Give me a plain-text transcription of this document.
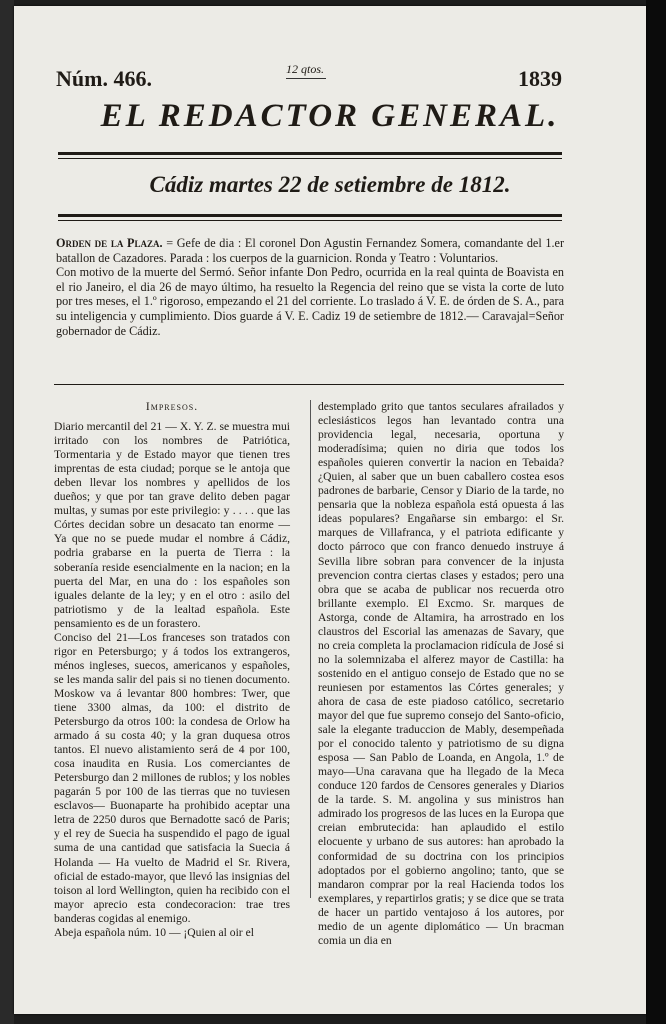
Núm. 466.	12 qtos.	1839
EL REDACTOR GENERAL.
Cádiz martes 22 de setiembre de 1812.

Orden de la Plaza. = Gefe de dia : El coronel Don Agustin Fernandez Somera, comandante del 1.er batallon de Cazadores. Parada : los cuerpos de la guarnicion. Ronda y Teatro : Voluntarios.

Con motivo de la muerte del Sermó. Señor infante Don Pedro, ocurrida en la real quinta de Boavista en el rio Janeiro, el dia 26 de mayo último, ha resuelto la Regencia del reino que se vista la corte de luto por tres meses, el 1.º rigoroso, empezando el 21 del corriente. Lo traslado á V. E. de órden de S. A., para su inteligencia y cumplimiento. Dios guarde á V. E. Cadiz 19 de setiembre de 1812.— Caravajal=Señor gobernador de Cádiz.

Impresos.

Diario mercantil del 21 — X. Y. Z. se muestra mui irritado con los nombres de Patriótica, Tormentaria y de Estado mayor que tienen tres imprentas de esta ciudad; porque se le antoja que deben llevar los nombres y apellidos de los dueños; y que por tan grave delito deben pagar multas, y sumas por este privilegio: y . . . . que las Córtes decidan sobre un desacato tan enorme — Ya que no se puede mudar el nombre á Cádiz, podria grabarse en la puerta de Tierra : la soberanía reside esencialmente en la nacion; en la puerta del Mar, en una do : los españoles son iguales delante de la ley; y en el otro : asilo del patriotismo y de la lealtad española. Este pensamiento es de un forastero.

Conciso del 21—Los franceses son tratados con rigor en Petersburgo; y á todos los extrangeros, ménos ingleses, suecos, americanos y españoles, se les manda salir del pais si no tienen documento. Moskow va á levantar 800 hombres: Twer, que tiene 3300 almas, da 100: el distrito de Petersburgo da otros 100: la condesa de Orlow ha armado á su costa 40; y la gran duquesa otros tantos. El nuevo alistamiento será de 4 por 100, cosa inaudita en Rusia. Los comerciantes de Petersburgo dan 2 millones de rublos; y los nobles pagarán 5 por 100 de las tierras que no tuviesen esclavos— Buonaparte ha prohibido aceptar una letra de 2250 duros que Bernadotte sacó de Paris; y el rey de Suecia ha suspendido el pago de igual suma de una cantidad que satisfacia la Suecia á Holanda — Ha vuelto de Madrid el Sr. Rivera, oficial de estado-mayor, que llevó las insignias del toison al lord Wellington, quien ha recibido con el mayor aprecio esta condecoracion: trae tres banderas cogidas al enemigo.

Abeja española núm. 10 — ¡Quien al oir el

destemplado grito que tantos seculares afrailados y eclesiásticos legos han levantado contra una providencia legal, necesaria, oportuna y moderadísima; quien no diria que todos los españoles quieren convertir la nacion en Tebaida? ¿Quien, al saber que un buen caballero costea esos padrones de barbarie, Censor y Diario de la tarde, no pensaria que la nobleza española está opuesta á las ideas populares? Engañarse sin embargo: el Sr. marques de Villafranca, y el patriota edificante y docto párroco que con franco denuedo instruye á Sevilla libre sobran para convencer de la injusta prevencion contra ciertas clases y estados; pero una obra que se acaba de publicar nos recuerda otro brillante exemplo. El Excmo. Sr. marques de Astorga, conde de Altamira, ha arrostrado en los claustros del Escorial las amenazas de Savary, que no creia completa la proclamacion ridícula de José si no la solemnizaba el alferez mayor de Castilla: ha sostenido en el antiguo consejo de Estado que no se reuniesen por estamentos las Córtes generales; y ahora de casa de este piadoso católico, secretario mayor del que fue supremo consejo del Santo-oficio, sale la elegante traduccion de Mably, desempeñada por el conocido talento y patriotismo de su digna esposa — San Pablo de Loanda, en Angola, 1.º de mayo—Una caravana que ha llegado de la Meca conduce 120 fardos de Censores generales y Diarios de la tarde. S. M. angolina y sus ministros han admirado los progresos de las luces en la Europa que creian embrutecida: han aplaudido el estilo elocuente y urbano de sus autores: han aprobado la conformidad de su doctrina con los principios adoptados por el gobierno angolino; tanto, que se mandaron comprar por la real Hacienda todos los exemplares, y repartirlos gratis; y se dice que se trata de hacer un partido ventajoso á los autores, por medio de un agente diplomático — Un bracman comia un dia en
